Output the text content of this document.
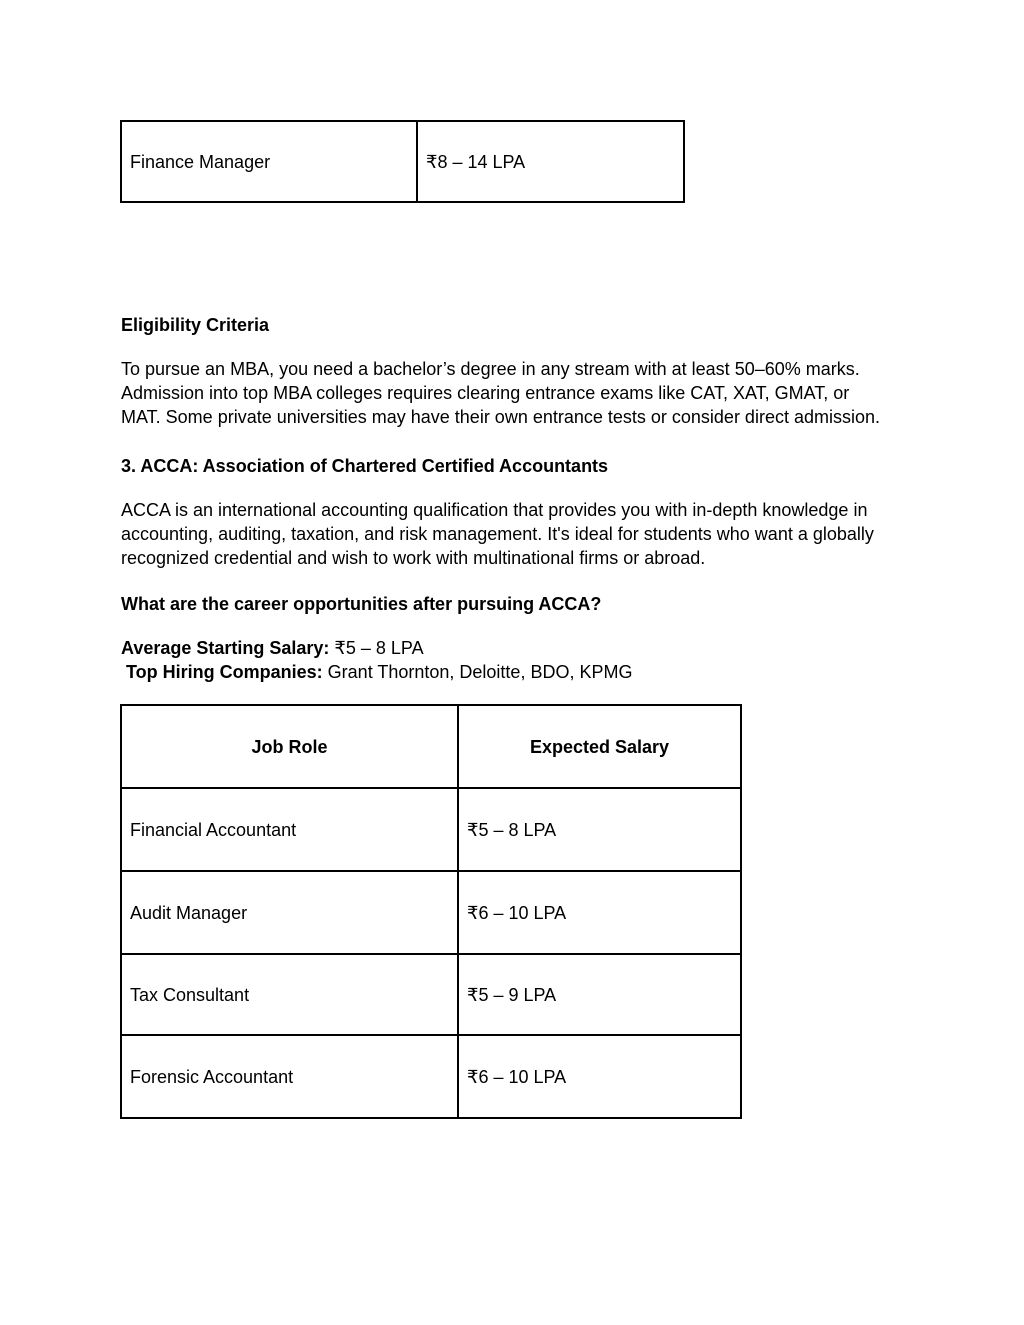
Finance Manager	₹8 – 14 LPA

Eligibility Criteria

To pursue an MBA, you need a bachelor’s degree in any stream with at least 50–60% marks.
Admission into top MBA colleges requires clearing entrance exams like CAT, XAT, GMAT, or
MAT. Some private universities may have their own entrance tests or consider direct admission.

3. ACCA: Association of Chartered Certified Accountants

ACCA is an international accounting qualification that provides you with in-depth knowledge in
accounting, auditing, taxation, and risk management. It's ideal for students who want a globally
recognized credential and wish to work with multinational firms or abroad.

What are the career opportunities after pursuing ACCA?

Average Starting Salary: ₹5 – 8 LPA
Top Hiring Companies: Grant Thornton, Deloitte, BDO, KPMG
Job Role	Expected Salary
Financial Accountant	₹5 – 8 LPA
Audit Manager	₹6 – 10 LPA
Tax Consultant	₹5 – 9 LPA
Forensic Accountant	₹6 – 10 LPA
